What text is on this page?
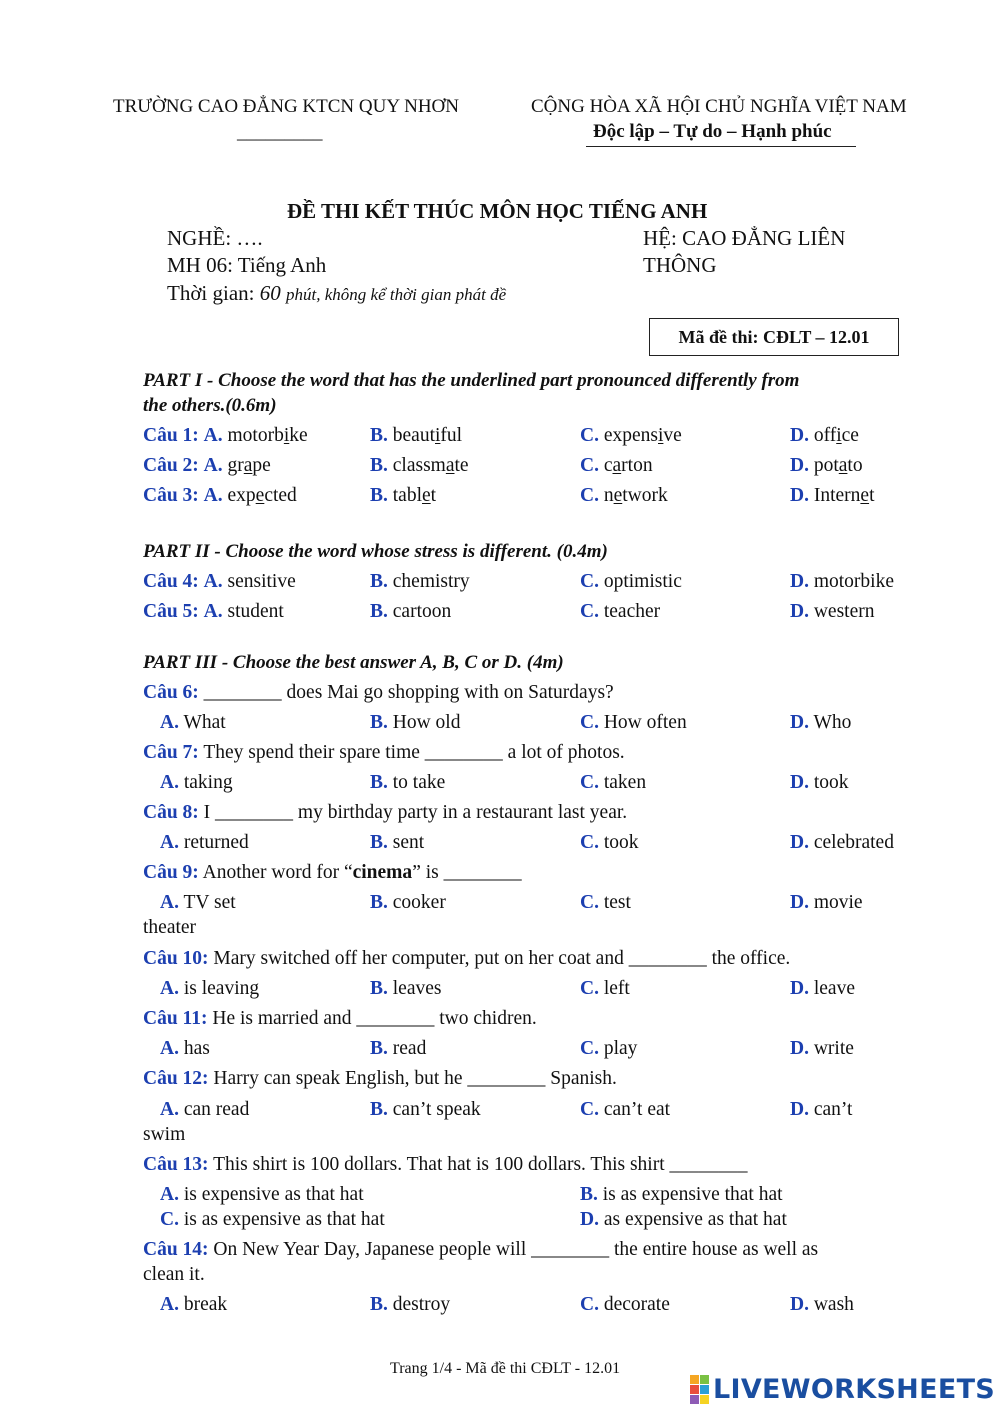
TRƯỜNG CAO ĐẲNG KTCN QUY NHƠN
_________
CỘNG HÒA XÃ HỘI CHỦ NGHĨA VIỆT NAM
Độc lập – Tự do – Hạnh phúc
ĐỀ THI KẾT THÚC MÔN HỌC TIẾNG ANH
NGHỀ: ….
MH 06: Tiếng Anh
Thời gian: 60 phút, không kể thời gian phát đề
HỆ: CAO ĐẲNG LIÊN
THÔNG
Mã đề thi: CĐLT – 12.01
PART I - Choose the word that has the underlined part pronounced differently from
the others.(0.6m)
Câu 1: A. motorbike	B. beautiful	C. expensive	D. office
Câu 2: A. grape	B. classmate	C. carton	D. potato
Câu 3: A. expected	B. tablet	C. network	D. Internet
PART II - Choose the word whose stress is different. (0.4m)
Câu 4: A. sensitive	B. chemistry	C. optimistic	D. motorbike
Câu 5: A. student	B. cartoon	C. teacher	D. western
PART III - Choose the best answer A, B, C or D. (4m)
Câu 6: ________ does Mai go shopping with on Saturdays?
A. What	B. How old	C. How often	D. Who
Câu 7: They spend their spare time ________ a lot of photos.
A. taking	B. to take	C. taken	D. took
Câu 8: I ________ my birthday party in a restaurant last year.
A. returned	B. sent	C. took	D. celebrated
Câu 9: Another word for “cinema” is ________
A. TV set	B. cooker	C. test	D. movie
theater
Câu 10: Mary switched off her computer, put on her coat and ________ the office.
A. is leaving	B. leaves	C. left	D. leave
Câu 11: He is married and ________ two chidren.
A. has	B. read	C. play	D. write
Câu 12: Harry can speak English, but he ________ Spanish.
A. can read	B. can’t speak	C. can’t eat	D. can’t
swim
Câu 13: This shirt is 100 dollars. That hat is 100 dollars. This shirt ________
A. is expensive as that hat	B. is as expensive that hat
C. is as expensive as that hat	D. as expensive as that hat
Câu 14: On New Year Day, Japanese people will ________ the entire house as well as
clean it.
A. break	B. destroy	C. decorate	D. wash
Trang 1/4 - Mã đề thi CĐLT - 12.01
LIVEWORKSHEETS
